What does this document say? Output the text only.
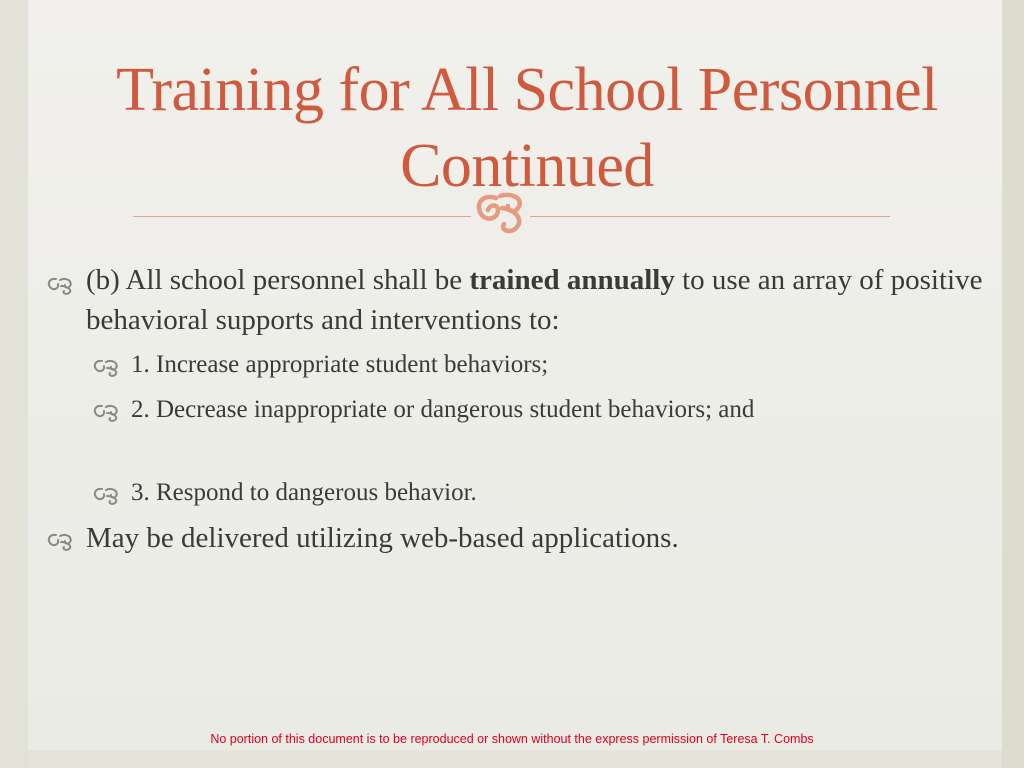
Training for All School Personnel
Continued
(b) All school personnel shall be trained annually to use an array of positive behavioral supports and interventions to:
1. Increase appropriate student behaviors;
2. Decrease inappropriate or dangerous student behaviors; and
3. Respond to dangerous behavior.
May be delivered utilizing web-based applications.
No portion of this document is to be reproduced or shown without the express permission of Teresa T. Combs
